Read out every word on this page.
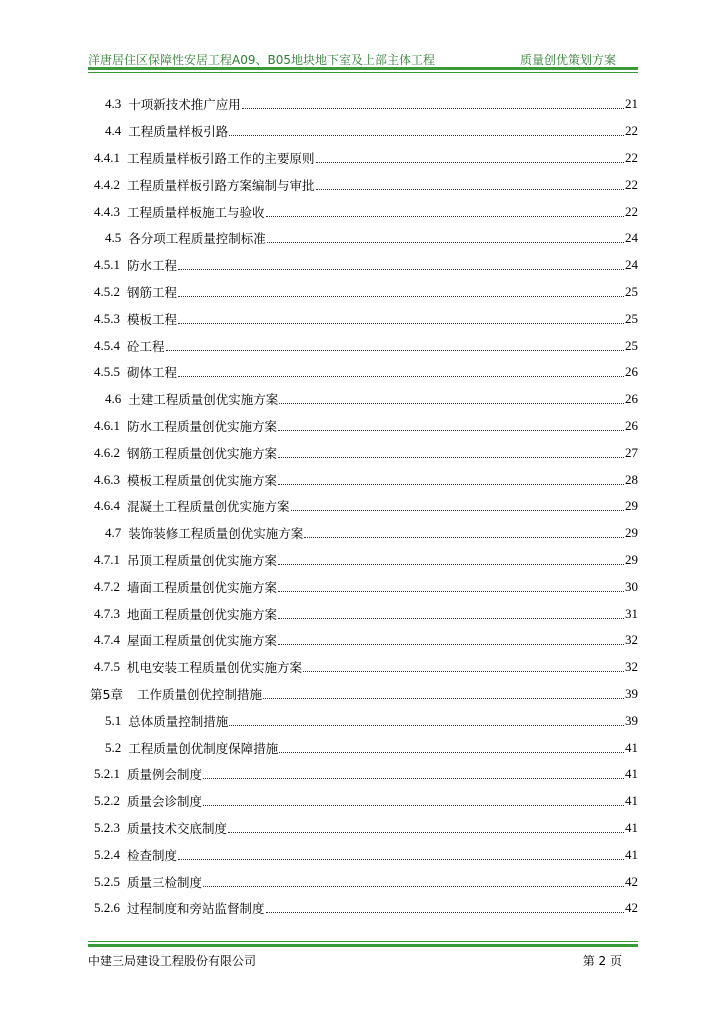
洋唐居住区保障性安居工程A09、B05地块地下室及上部主体工程	质量创优策划方案
4.3 十项新技术推广应用	21
4.4 工程质量样板引路	22
4.4.1 工程质量样板引路工作的主要原则	22
4.4.2 工程质量样板引路方案编制与审批	22
4.4.3 工程质量样板施工与验收	22
4.5 各分项工程质量控制标准	24
4.5.1 防水工程	24
4.5.2 钢筋工程	25
4.5.3 模板工程	25
4.5.4 砼工程	25
4.5.5 砌体工程	26
4.6 土建工程质量创优实施方案	26
4.6.1 防水工程质量创优实施方案	26
4.6.2 钢筋工程质量创优实施方案	27
4.6.3 模板工程质量创优实施方案	28
4.6.4 混凝土工程质量创优实施方案	29
4.7 装饰装修工程质量创优实施方案	29
4.7.1 吊顶工程质量创优实施方案	29
4.7.2 墙面工程质量创优实施方案	30
4.7.3 地面工程质量创优实施方案	31
4.7.4 屋面工程质量创优实施方案	32
4.7.5 机电安装工程质量创优实施方案	32
第5章 工作质量创优控制措施	39
5.1 总体质量控制措施	39
5.2 工程质量创优制度保障措施	41
5.2.1 质量例会制度	41
5.2.2 质量会诊制度	41
5.2.3 质量技术交底制度	41
5.2.4 检查制度	41
5.2.5 质量三检制度	42
5.2.6 过程制度和旁站监督制度	42
中建三局建设工程股份有限公司	第 2 页
